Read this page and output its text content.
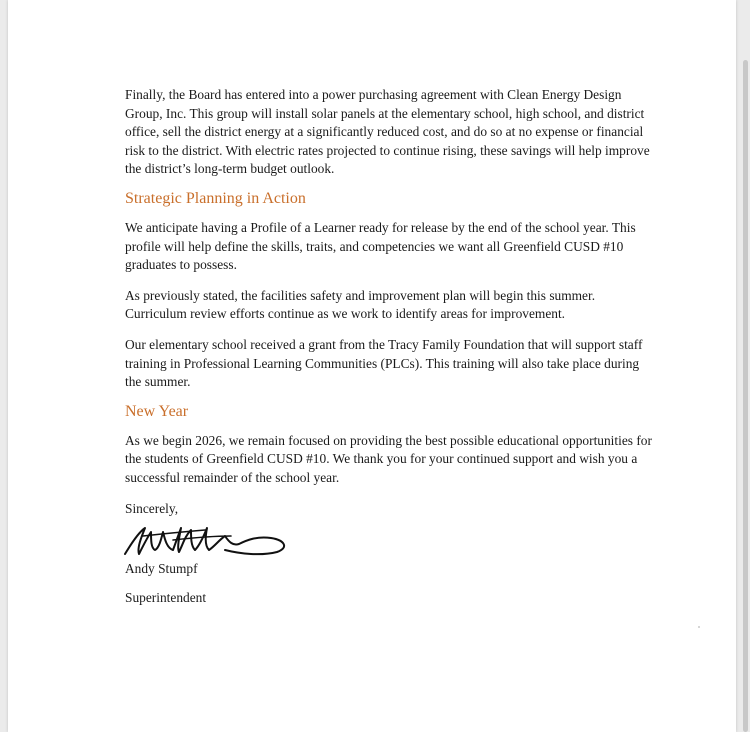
Finally, the Board has entered into a power purchasing agreement with Clean Energy Design Group, Inc. This group will install solar panels at the elementary school, high school, and district office, sell the district energy at a significantly reduced cost, and do so at no expense or financial risk to the district. With electric rates projected to continue rising, these savings will help improve the district’s long-term budget outlook.

Strategic Planning in Action

We anticipate having a Profile of a Learner ready for release by the end of the school year. This profile will help define the skills, traits, and competencies we want all Greenfield CUSD #10 graduates to possess.

As previously stated, the facilities safety and improvement plan will begin this summer. Curriculum review efforts continue as we work to identify areas for improvement.

Our elementary school received a grant from the Tracy Family Foundation that will support staff training in Professional Learning Communities (PLCs). This training will also take place during the summer.

New Year

As we begin 2026, we remain focused on providing the best possible educational opportunities for the students of Greenfield CUSD #10. We thank you for your continued support and wish you a successful remainder of the school year.

Sincerely,

Andy Stumpf

Superintendent
